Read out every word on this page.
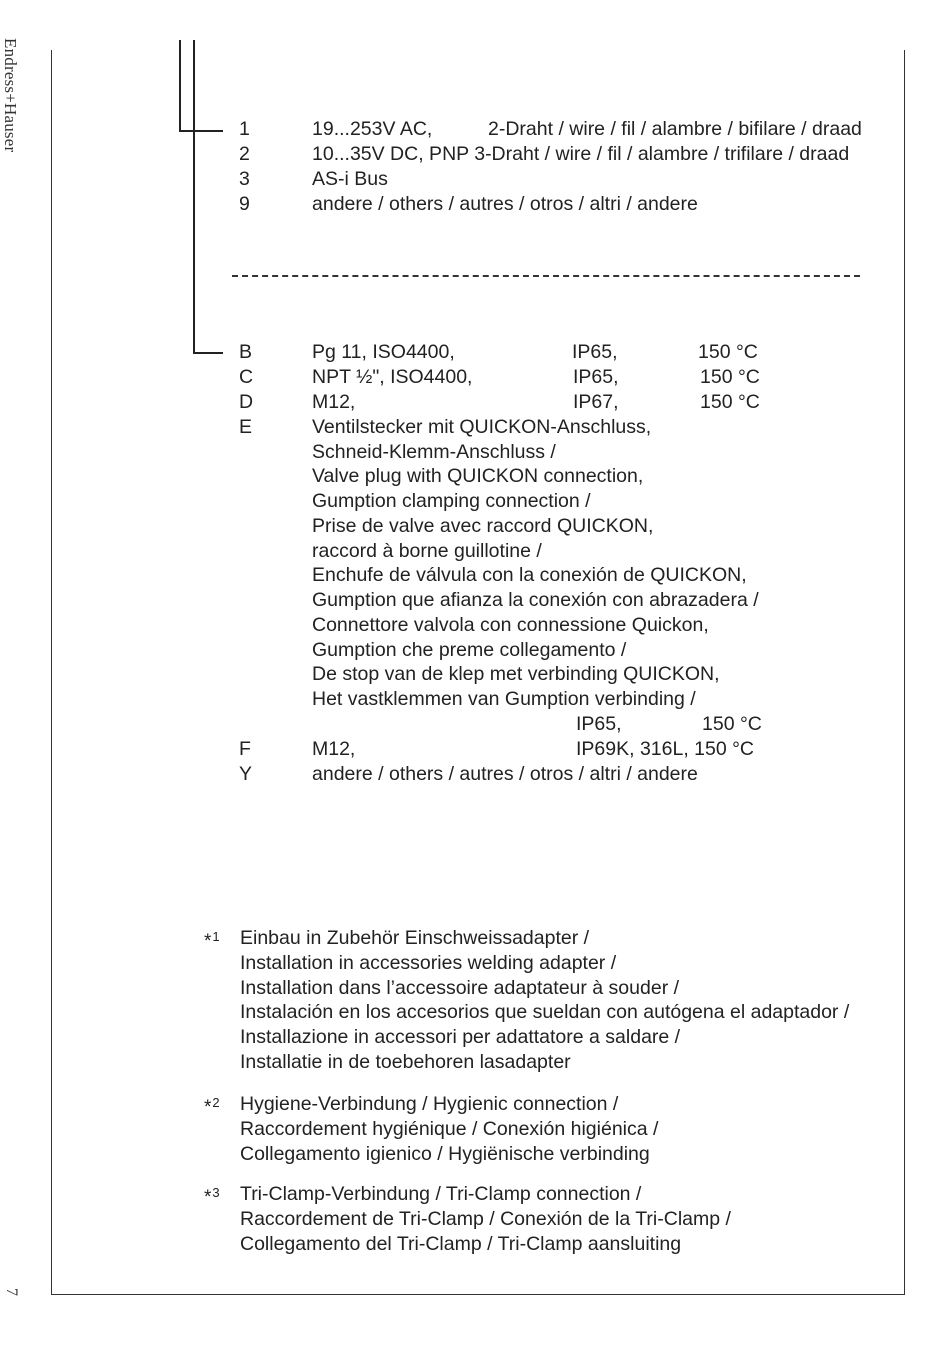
Endress+Hauser
7
1	19...253V AC,	2-Draht / wire / fil / alambre / bifilare / draad
2	10...35V DC, PNP 3-Draht / wire / fil / alambre / trifilare / draad
3	AS-i Bus
9	andere / others / autres / otros / altri / andere
B	Pg 11, ISO4400,	IP65,	150 °C
C	NPT ½", ISO4400,	IP65,	150 °C
D	M12,	IP67,	150 °C
E	Ventilstecker mit QUICKON-Anschluss,
Schneid-Klemm-Anschluss /
Valve plug with QUICKON connection,
Gumption clamping connection /
Prise de valve avec raccord QUICKON,
raccord à borne guillotine /
Enchufe de válvula con la conexión de QUICKON,
Gumption que afianza la conexión con abrazadera /
Connettore valvola con connessione Quickon,
Gumption che preme collegamento /
De stop van de klep met verbinding QUICKON,
Het vastklemmen van Gumption verbinding /
IP65,	150 °C
F	M12,	IP69K, 316L, 150 °C
Y	andere / others / autres / otros / altri / andere
*$^1$ Einbau in Zubehör Einschweissadapter /
Installation in accessories welding adapter /
Installation dans l’accessoire adaptateur à souder /
Instalación en los accesorios que sueldan con autógena el adaptador /
Installazione in accessori per adattatore a saldare /
Installatie in de toebehoren lasadapter
*$^2$ Hygiene-Verbindung / Hygienic connection /
Raccordement hygiénique / Conexión higiénica /
Collegamento igienico / Hygiënische verbinding
*$^3$ Tri-Clamp-Verbindung / Tri-Clamp connection /
Raccordement de Tri-Clamp / Conexión de la Tri-Clamp /
Collegamento del Tri-Clamp / Tri-Clamp aansluiting
